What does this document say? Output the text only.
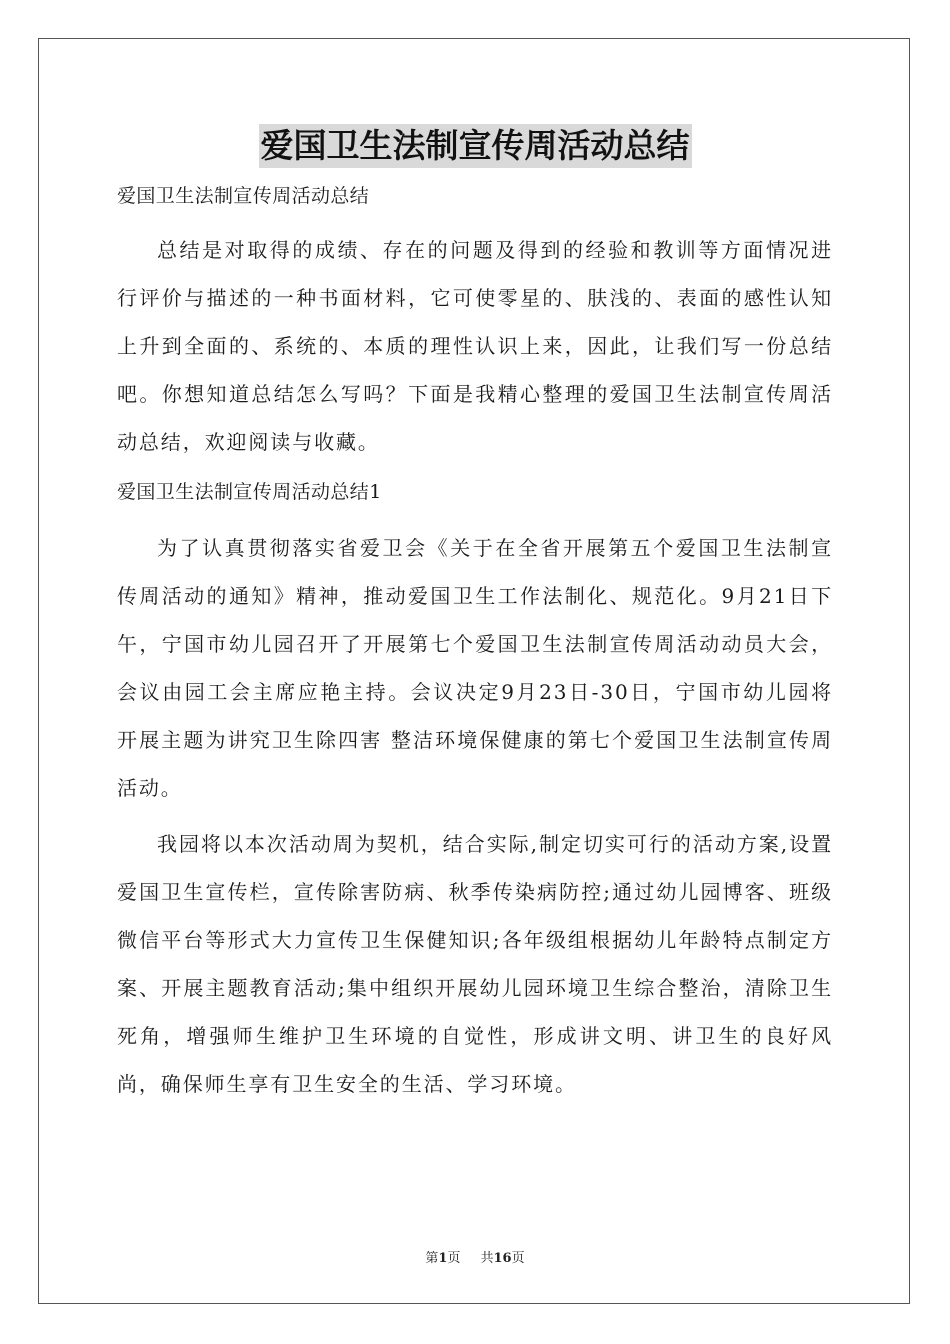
爱国卫生法制宣传周活动总结
爱国卫生法制宣传周活动总结

总结是对取得的成绩、存在的问题及得到的经验和教训等方面情况进行评价与描述的一种书面材料，它可使零星的、肤浅的、表面的感性认知上升到全面的、系统的、本质的理性认识上来，因此，让我们写一份总结吧。你想知道总结怎么写吗？下面是我精心整理的爱国卫生法制宣传周活动总结，欢迎阅读与收藏。

爱国卫生法制宣传周活动总结1

为了认真贯彻落实省爱卫会《关于在全省开展第五个爱国卫生法制宣传周活动的通知》精神，推动爱国卫生工作法制化、规范化。9月21日下午，宁国市幼儿园召开了开展第七个爱国卫生法制宣传周活动动员大会，会议由园工会主席应艳主持。会议决定9月23日-30日，宁国市幼儿园将开展主题为讲究卫生除四害 整洁环境保健康的第七个爱国卫生法制宣传周活动。

我园将以本次活动周为契机，结合实际,制定切实可行的活动方案,设置爱国卫生宣传栏，宣传除害防病、秋季传染病防控;通过幼儿园博客、班级微信平台等形式大力宣传卫生保健知识;各年级组根据幼儿年龄特点制定方案、开展主题教育活动;集中组织开展幼儿园环境卫生综合整治，清除卫生死角，增强师生维护卫生环境的自觉性，形成讲文明、讲卫生的良好风尚，确保师生享有卫生安全的生活、学习环境。

第1页 共16页
